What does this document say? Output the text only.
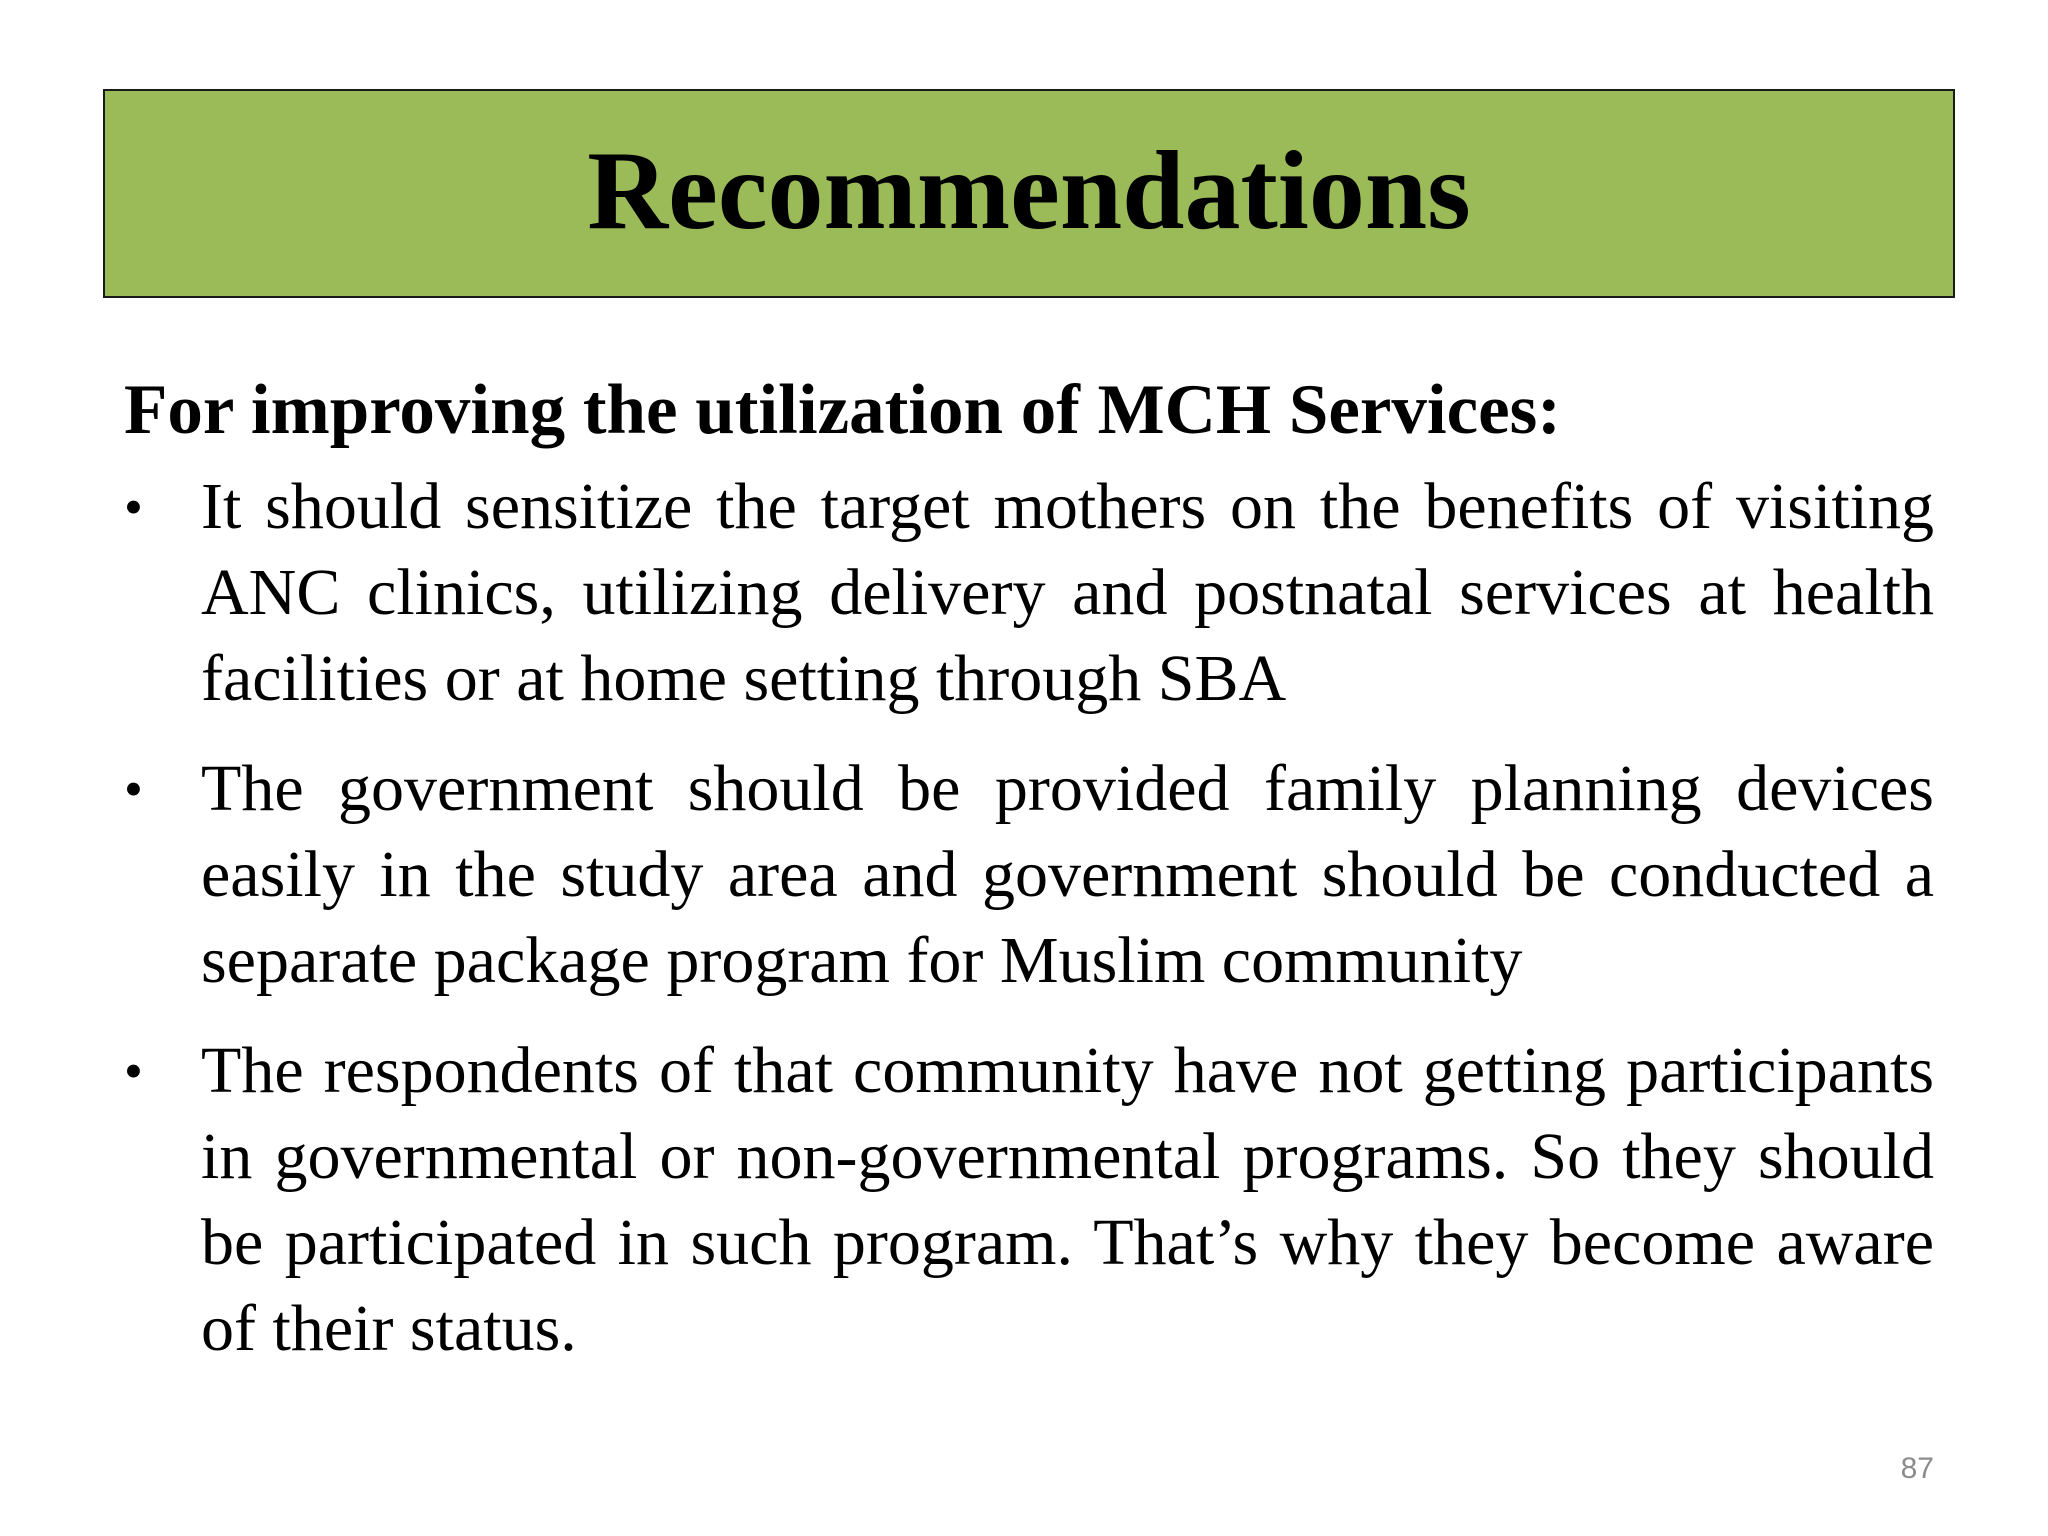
Recommendations

For improving the utilization of MCH Services:

• It should sensitize the target mothers on the benefits of visiting ANC clinics, utilizing delivery and postnatal services at health facilities or at home setting through SBA
• The government should be provided family planning devices easily in the study area and government should be conducted a separate package program for Muslim community
• The respondents of that community have not getting participants in governmental or non-governmental programs. So they should be participated in such program. That’s why they become aware of their status.
87
